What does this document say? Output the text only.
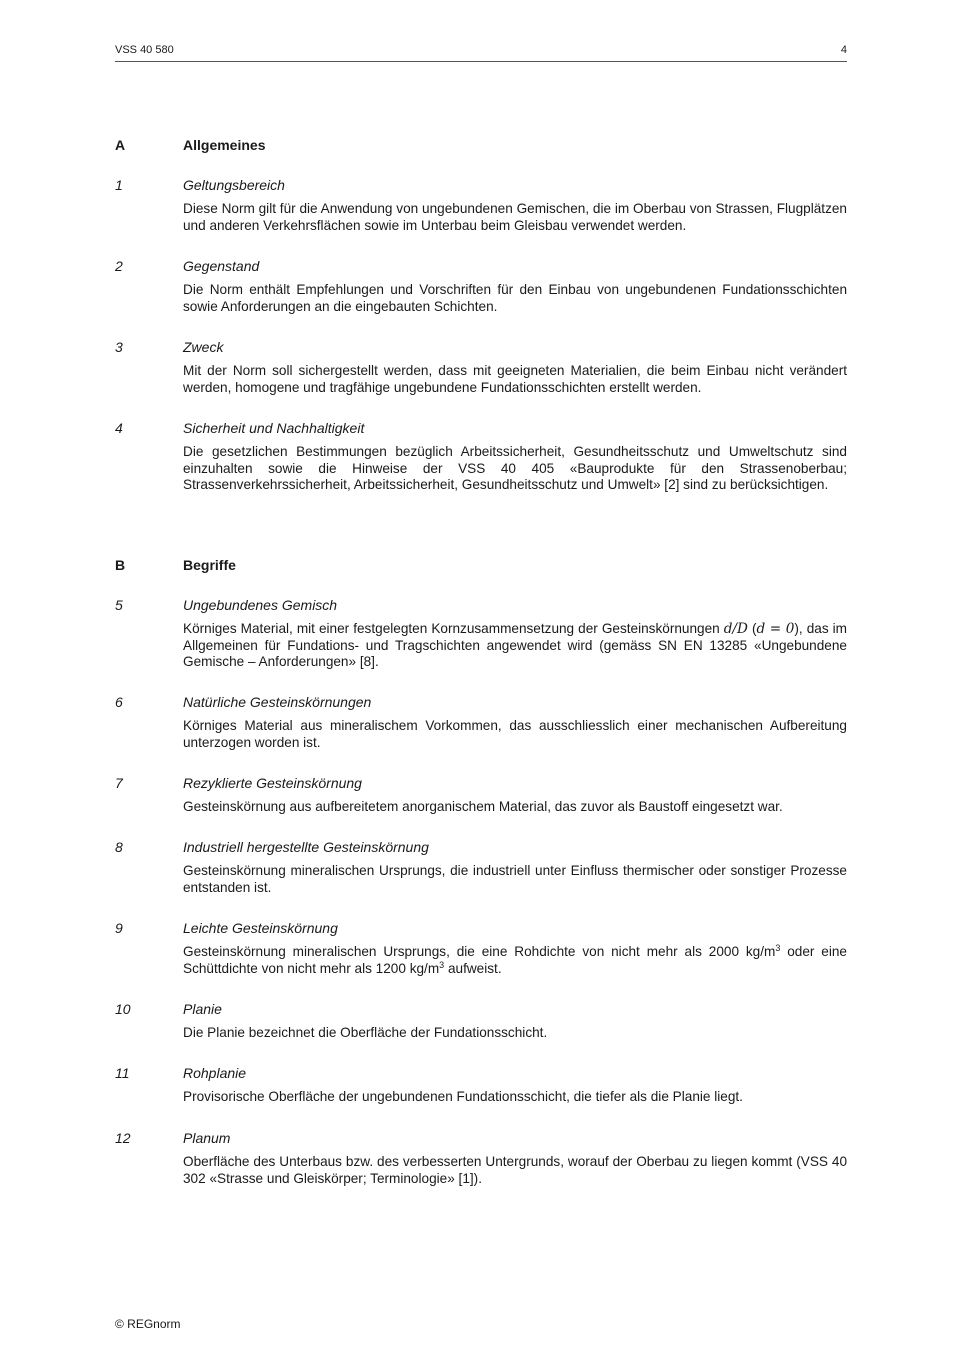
VSS 40 580	4
A	Allgemeines
1	Geltungsbereich
Diese Norm gilt für die Anwendung von ungebundenen Gemischen, die im Oberbau von Strassen, Flugplätzen und anderen Verkehrsflächen sowie im Unterbau beim Gleisbau verwendet werden.
2	Gegenstand
Die Norm enthält Empfehlungen und Vorschriften für den Einbau von ungebundenen Fundationsschichten sowie Anforderungen an die eingebauten Schichten.
3	Zweck
Mit der Norm soll sichergestellt werden, dass mit geeigneten Materialien, die beim Einbau nicht verändert werden, homogene und tragfähige ungebundene Fundationsschichten erstellt werden.
4	Sicherheit und Nachhaltigkeit
Die gesetzlichen Bestimmungen bezüglich Arbeitssicherheit, Gesundheitsschutz und Umweltschutz sind einzuhalten sowie die Hinweise der VSS 40 405 «Bauprodukte für den Strassenoberbau; Strassenverkehrssicherheit, Arbeitssicherheit, Gesundheitsschutz und Umwelt» [2] sind zu berücksichtigen.
B	Begriffe
5	Ungebundenes Gemisch
Körniges Material, mit einer festgelegten Kornzusammensetzung der Gesteinskörnungen d/D (d = 0), das im Allgemeinen für Fundations- und Tragschichten angewendet wird (gemäss SN EN 13285 «Ungebundene Gemische – Anforderungen» [8].
6	Natürliche Gesteinskörnungen
Körniges Material aus mineralischem Vorkommen, das ausschliesslich einer mechanischen Aufbereitung unterzogen worden ist.
7	Rezyklierte Gesteinskörnung
Gesteinskörnung aus aufbereitetem anorganischem Material, das zuvor als Baustoff eingesetzt war.
8	Industriell hergestellte Gesteinskörnung
Gesteinskörnung mineralischen Ursprungs, die industriell unter Einfluss thermischer oder sonstiger Prozesse entstanden ist.
9	Leichte Gesteinskörnung
Gesteinskörnung mineralischen Ursprungs, die eine Rohdichte von nicht mehr als 2000 $kg/m^3$ oder eine Schüttdichte von nicht mehr als 1200 $kg/m^3$ aufweist.
10	Planie
Die Planie bezeichnet die Oberfläche der Fundationsschicht.
11	Rohplanie
Provisorische Oberfläche der ungebundenen Fundationsschicht, die tiefer als die Planie liegt.
12	Planum
Oberfläche des Unterbaus bzw. des verbesserten Untergrunds, worauf der Oberbau zu liegen kommt (VSS 40 302 «Strasse und Gleiskörper; Terminologie» [1]).
© REGnorm
